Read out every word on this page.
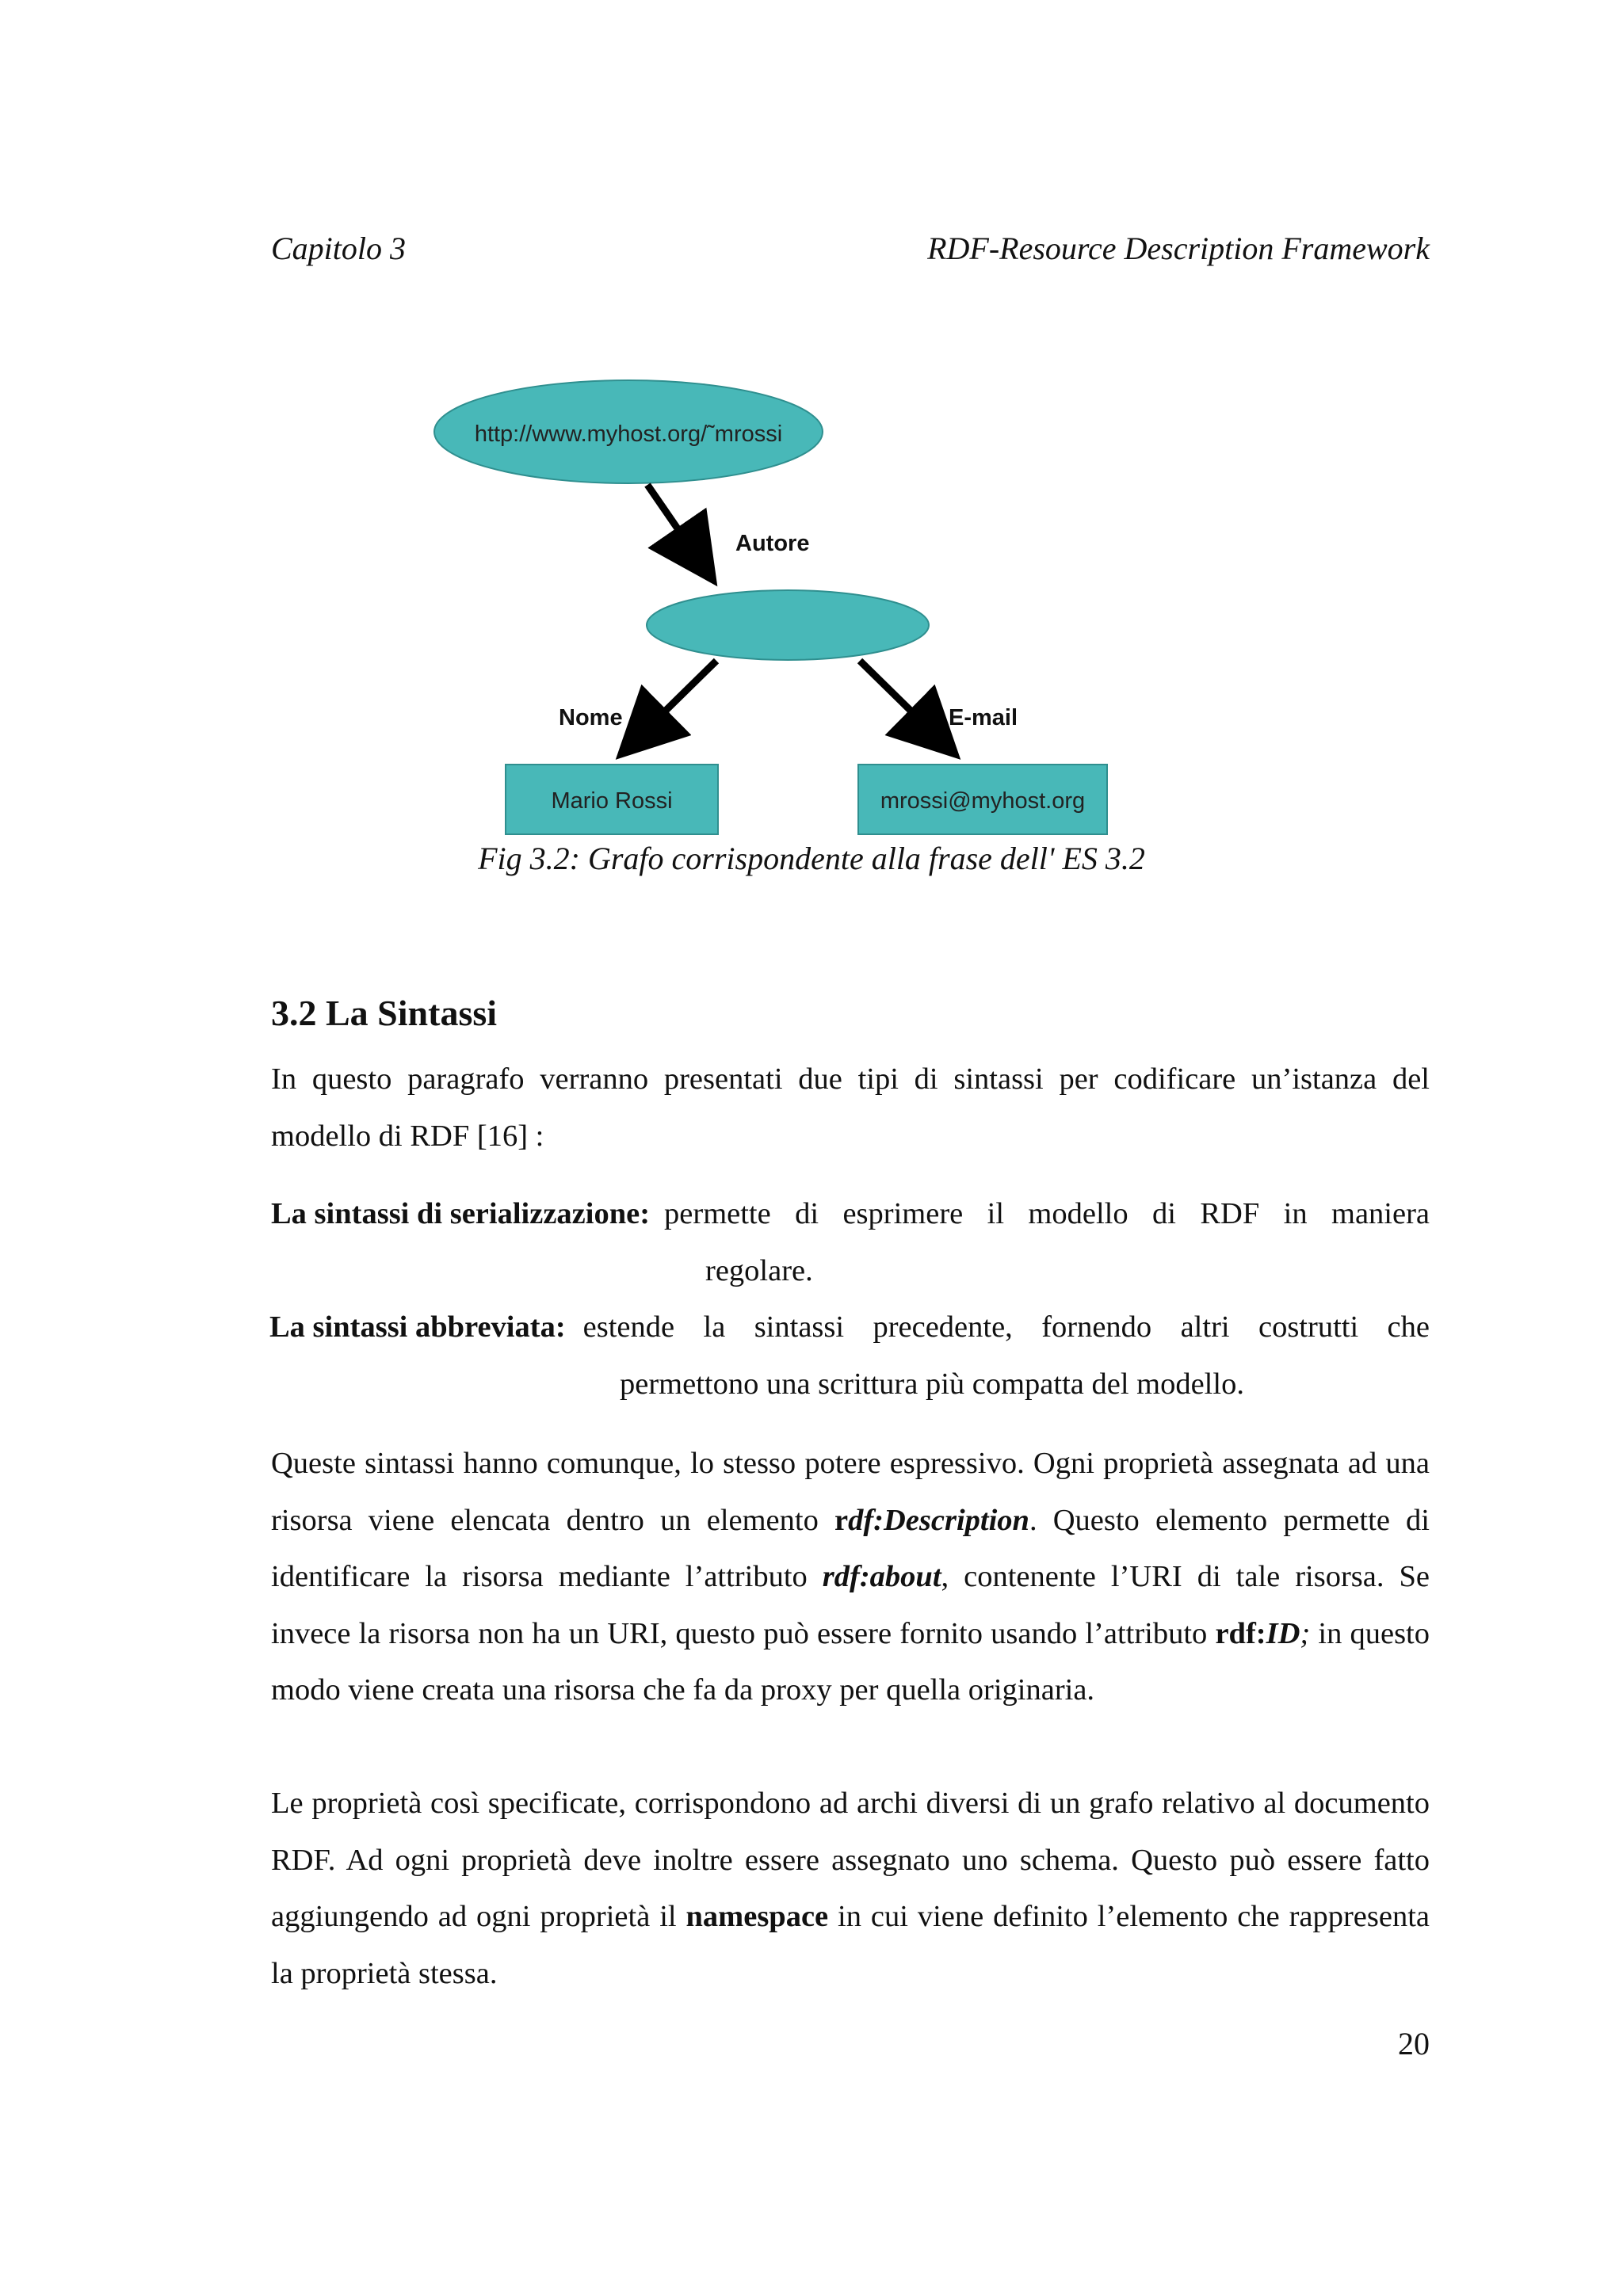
Capitolo 3	RDF-Resource Description Framework
http://www.myhost.org/˜mrossi
Autore
Nome	E-mail
Mario Rossi	mrossi@myhost.org
Fig 3.2: Grafo corrispondente alla frase dell' ES 3.2
3.2 La Sintassi
In questo paragrafo verranno presentati due tipi di sintassi per codificare un’istanza del modello di RDF [16] :
La sintassi di serializzazione: permette di esprimere il modello di RDF in maniera
regolare.
La sintassi abbreviata: estende la sintassi precedente, fornendo altri costrutti che
permettono una scrittura più compatta del modello.
Queste sintassi hanno comunque, lo stesso potere espressivo. Ogni proprietà assegnata ad una risorsa viene elencata dentro un elemento rdf:Description. Questo elemento permette di identificare la risorsa mediante l’attributo rdf:about, contenente l’URI di tale risorsa. Se invece la risorsa non ha un URI, questo può essere fornito usando l’attributo rdf:ID; in questo modo viene creata una risorsa che fa da proxy per quella originaria.
Le proprietà così specificate, corrispondono ad archi diversi di un grafo relativo al documento RDF. Ad ogni proprietà deve inoltre essere assegnato uno schema. Questo può essere fatto aggiungendo ad ogni proprietà il namespace in cui viene definito l’elemento che rappresenta la proprietà stessa.
20
